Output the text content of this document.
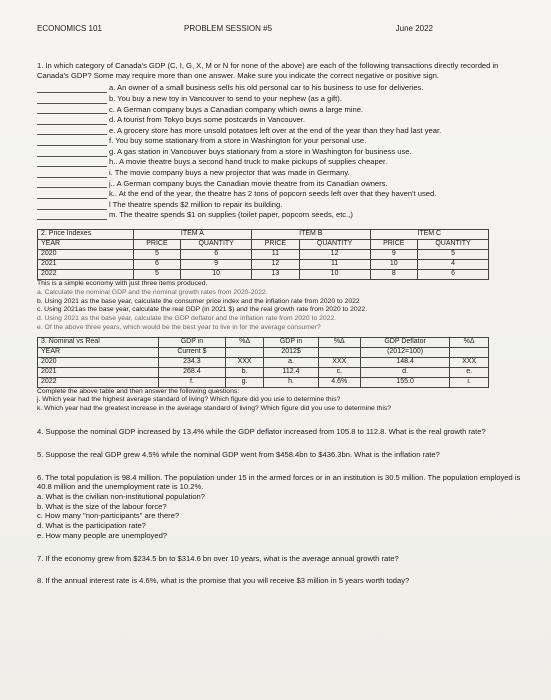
ECONOMICS 101	PROBLEM SESSION #5	June 2022

1. In which category of Canada's GDP (C, I, G, X, M or N for none of the above) are each of the following transactions directly recorded in Canada's GDP? Some may require more than one answer. Make sure you indicate the correct negative or positive sign.

a. An owner of a small business sells his old personal car to his business to use for deliveries.
b. You buy a new toy in Vancouver to send to your nephew (as a gift).
c. A German company buys a Canadian company which owns a large mine.
d. A tourist from Tokyo buys some postcards in Vancouver.
e. A grocery store has more unsold potatoes left over at the end of the year than they had last year.
f. You buy some stationary from a store in Washington for your personal use.
g. A gas station in Vancouver buys stationary from a store in Washington for business use.
h.. A movie theatre buys a second hand truck to make pickups of supplies cheaper.
i. The movie company buys a new projector that was made in Germany.
j.. A German company buys the Canadian movie theatre from its Canadian owners.
k.. At the end of the year, the theatre has 2 tons of popcorn seeds left over that they haven't used.
l The theatre spends $2 million to repair its building.
m. The theatre spends $1 on supplies (toilet paper, popcorn seeds, etc.,)
2. Price Indexes	ITEM A		ITEM B		ITEM C	
YEAR	PRICE	QUANTITY	PRICE	QUANTITY	PRICE	QUANTITY
2020	5	6	11	12	9	5
2021	6	9	12	11	10	4
2022	5	10	13	10	8	6
This is a simple economy with just three items produced.
a. Calculate the nominal GDP and the nominal growth rates from 2020-2022.
b. Using 2021 as the base year, calculate the consumer price index and the inflation rate from 2020 to 2022
c. Using 2021as the base year, calculate the real GDP (in 2021 $) and the real growth rate from 2020 to 2022.
d. Using 2021 as the base year, calculate the GDP deflator and the inflation rate from 2020 to 2022.
e. Of the above three years, which would be the best year to live in for the average consumer?
3. Nominal vs Real	GDP in	%Δ	GDP in	%Δ	GDP Deflator	%Δ
YEAR	Current $		2012$		(2012=100)	
2020	234.3	XXX	a.	XXX	148.4	XXX
2021	268.4	b.	112.4	c.	d.	e.
2022	f.	g.	h.	4.6%	155.0	i.
Complete the above table and then answer the following questions:
j. Which year had the highest average standard of living? Which figure did you use to determine this?
k. Which year had the greatest increase in the average standard of living? Which figure did you use to determine this?

4. Suppose the nominal GDP increased by 13.4% while the GDP deflator increased from 105.8 to 112.8. What is the real growth rate?

5. Suppose the real GDP grew 4.5% while the nominal GDP went from $458.4bn to $436.3bn. What is the inflation rate?

6. The total population is 98.4 million. The population under 15 in the armed forces or in an institution is 30.5 million. The population employed is 40.8 million and the unemployment rate is 10.2%.

a. What is the civilian non-institutional population?

b. What is the size of the labour force?

c. How many "non-participants" are there?

d. What is the participation rate?

e. How many people are unemployed?

7. If the economy grew from $234.5 bn to $314.6 bn over 10 years, what is the average annual growth rate?

8. If the annual interest rate is 4.6%, what is the promise that you will receive $3 million in 5 years worth today?
